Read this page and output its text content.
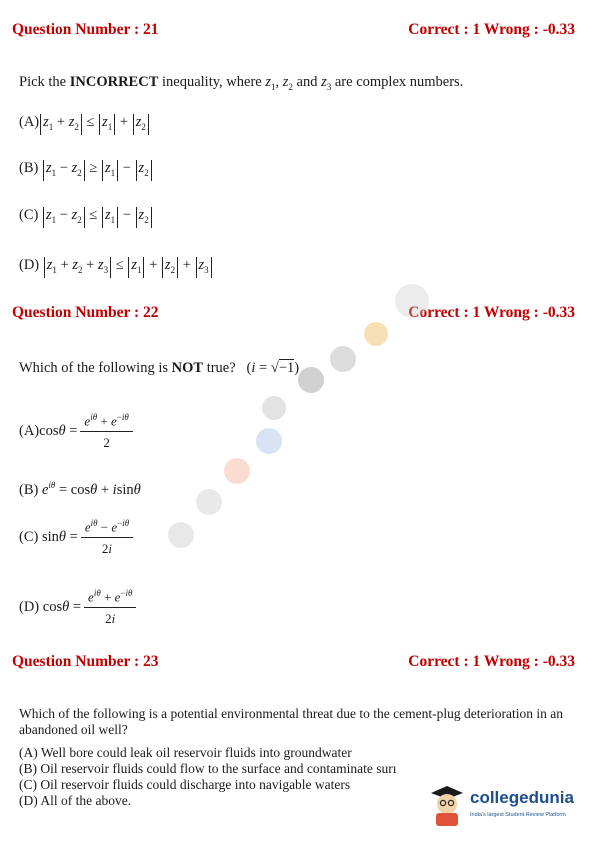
Question Number : 21	Correct : 1 Wrong : -0.33
Pick the INCORRECT inequality, where $z_1$, $z_2$ and $z_3$ are complex numbers.
(A) $z_1 + z_2 \le z_1 + z_2$
(B) $z_1 - z_2 \ge z_1 - z_2$
(C) $z_1 - z_2 \le z_1 - z_2$
(D) $z_1 + z_2 + z_3 \le z_1 + z_2 + z_3$
Question Number : 22	Correct : 1 Wrong : -0.33
Which of the following is NOT true?   (i = √−1)
$(A)\cos\theta = \frac{e^{i\theta} + e^{-i\theta}}{2}$
(B) $e^{i\theta} = \cos\theta + isin\theta$
(C) $\sin\theta = \frac{e^{i\theta} - e^{-i\theta}}{2i}$
(D) $\cos\theta = \frac{e^{i\theta} + e^{-i\theta}}{2i}$
Question Number : 23	Correct : 1 Wrong : -0.33
Which of the following is a potential environmental threat due to the cement-plug deterioration in an abandoned oil well?
(A) Well bore could leak oil reservoir fluids into groundwater
(B) Oil reservoir fluids could flow to the surface and contaminate surı
(C) Oil reservoir fluids could discharge into navigable waters
(D) All of the above.	collegedunia
India's largest Student Review Platform
